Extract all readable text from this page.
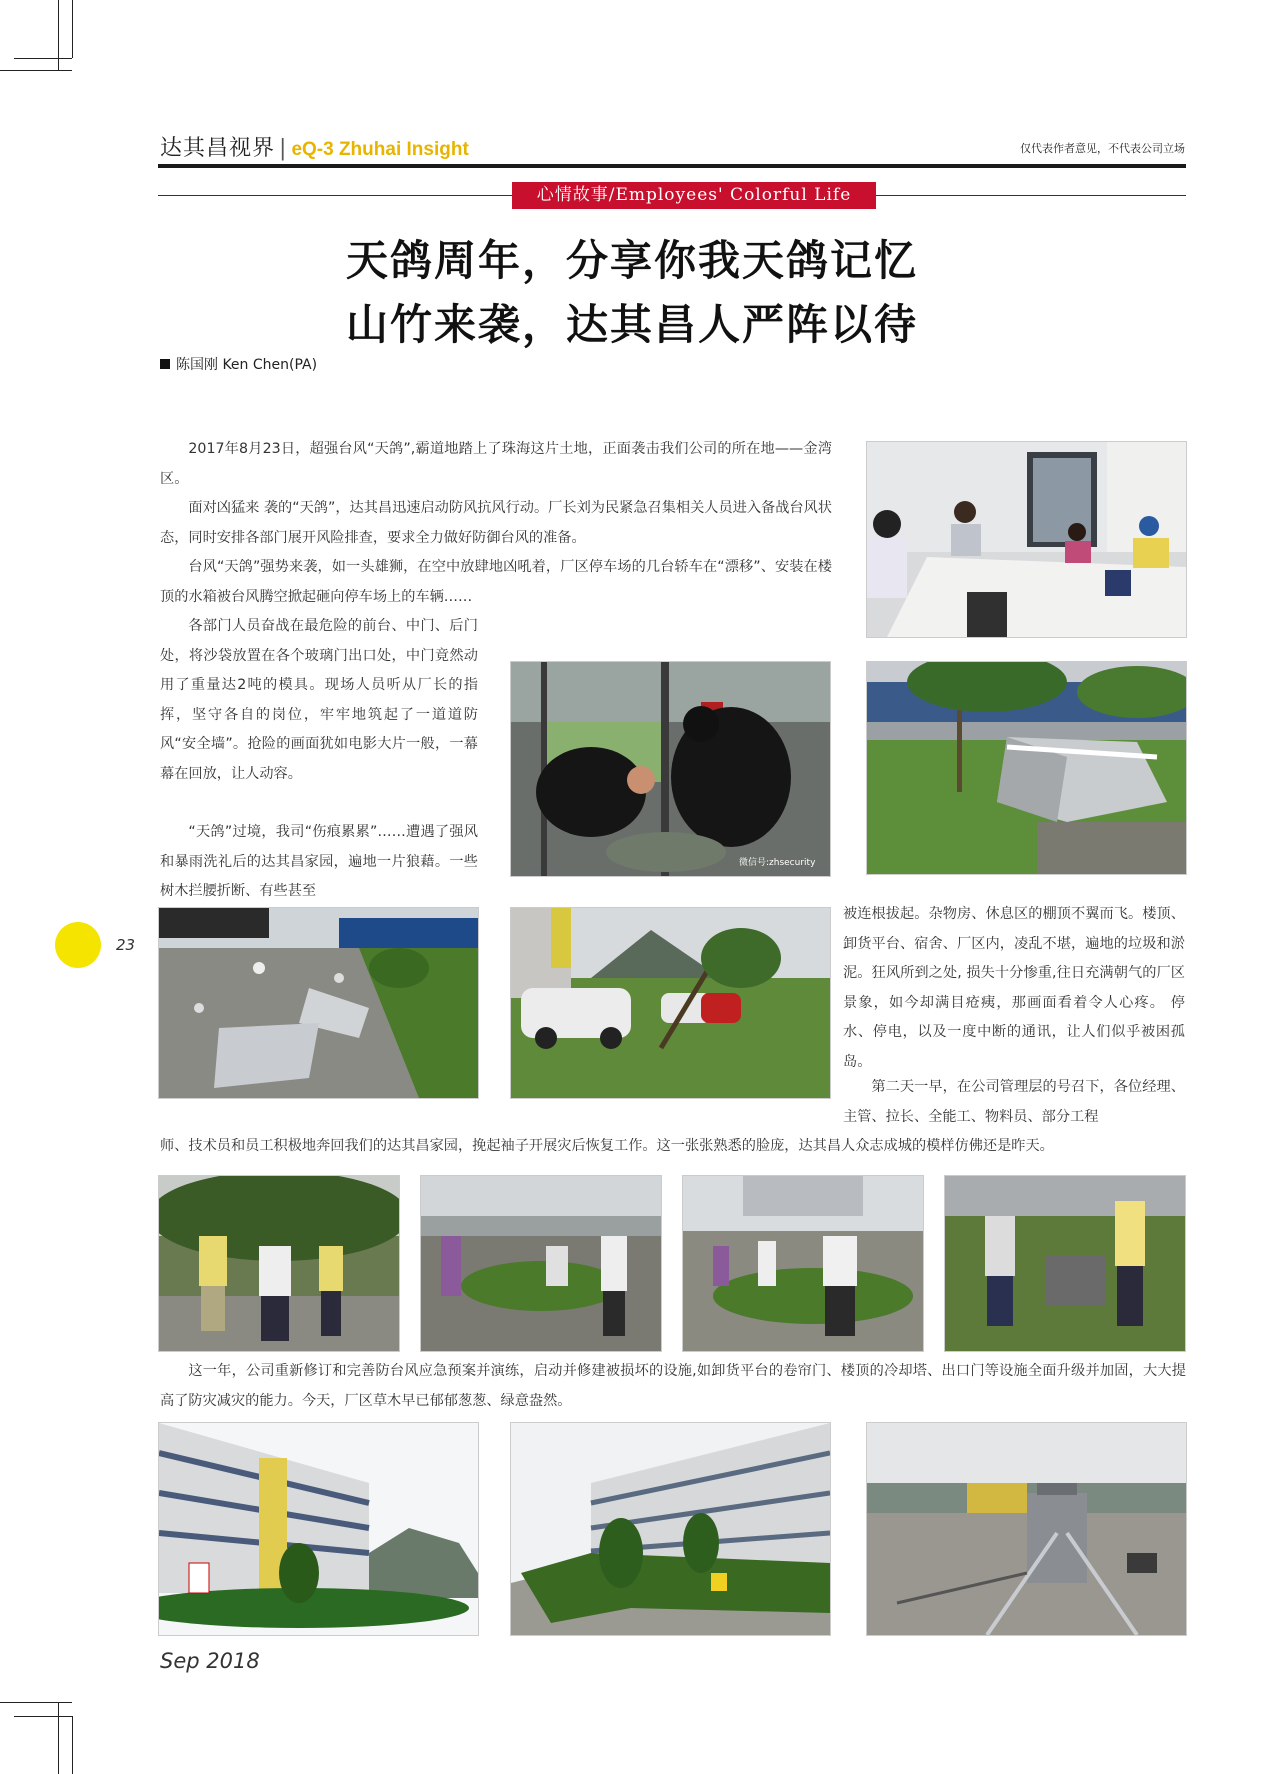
达其昌视界 | eQ-3 Zhuhai Insight	仅代表作者意见，不代表公司立场
心情故事/Employees' Colorful Life
天鸽周年，分享你我天鸽记忆
山竹来袭，达其昌人严阵以待
陈国刚 Ken Chen(PA)

2017年8月23日，超强台风“天鸽”,霸道地踏上了珠海这片土地，正面袭击我们公司的所在地——金湾区。

面对凶猛来 袭的“天鸽”，达其昌迅速启动防风抗风行动。厂长刘为民紧急召集相关人员进入备战台风状态，同时安排各部门展开风险排查，要求全力做好防御台风的准备。

台风“天鸽”强势来袭，如一头雄狮，在空中放肆地凶吼着，厂区停车场的几台轿车在“漂移”、安装在楼顶的水箱被台风腾空掀起砸向停车场上的车辆……

各部门人员奋战在最危险的前台、中门、后门处，将沙袋放置在各个玻璃门出口处，中门竟然动用了重量达2吨的模具。现场人员听从厂长的指挥，坚守各自的岗位，牢牢地筑起了一道道防风“安全墙”。抢险的画面犹如电影大片一般，一幕幕在回放，让人动容。

“天鸽”过境，我司“伤痕累累”……遭遇了强风和暴雨洗礼后的达其昌家园，遍地一片狼藉。一些树木拦腰折断、有些甚至

被连根拔起。杂物房、休息区的棚顶不翼而飞。楼顶、卸货平台、宿舍、厂区内，凌乱不堪，遍地的垃圾和淤泥。狂风所到之处, 损失十分惨重,往日充满朝气的厂区景象，如今却满目疮痍，那画面看着令人心疼。 停水、停电，以及一度中断的通讯，让人们似乎被困孤岛。

第二天一早，在公司管理层的号召下，各位经理、主管、拉长、全能工、物料员、部分工程

师、技术员和员工积极地奔回我们的达其昌家园，挽起袖子开展灾后恢复工作。这一张张熟悉的脸庞，达其昌人众志成城的模样仿佛还是昨天。

这一年，公司重新修订和完善防台风应急预案并演练，启动并修建被损坏的设施,如卸货平台的卷帘门、楼顶的冷却塔、出口门等设施全面升级并加固，大大提高了防灾减灾的能力。今天，厂区草木早已郁郁葱葱、绿意盎然。

微信号:zhsecurity
23
Sep 2018
